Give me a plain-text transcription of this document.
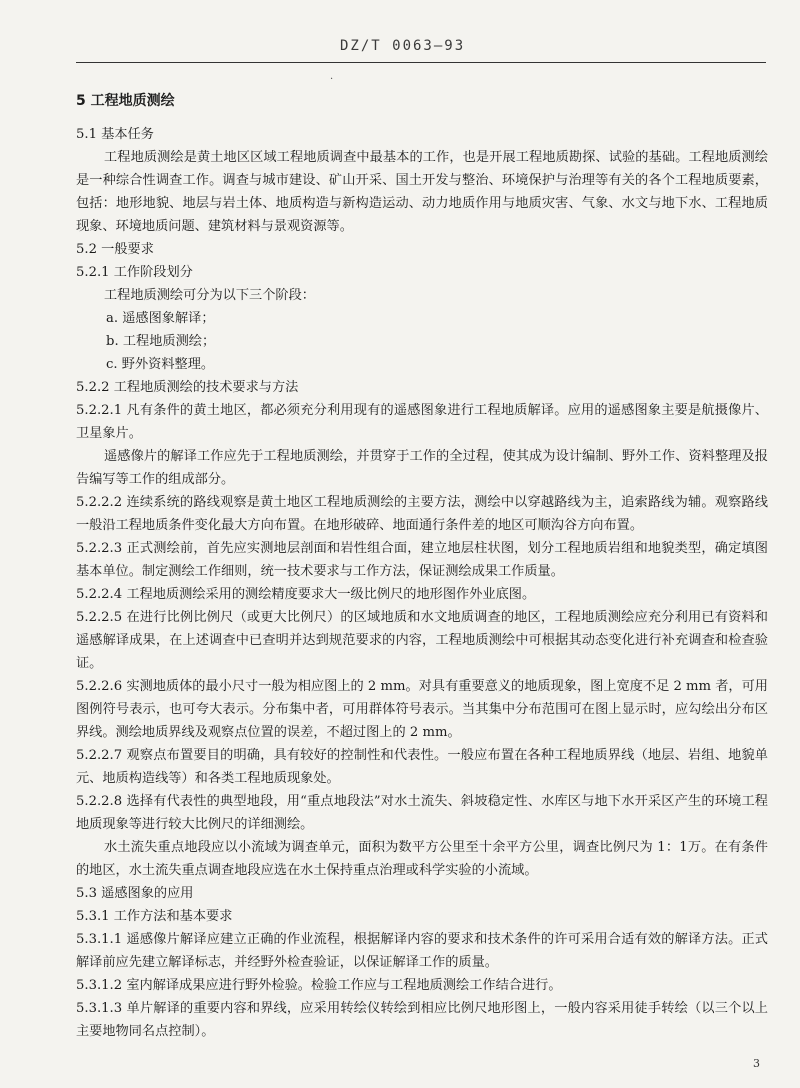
DZ/T 0063—93
·

5 工程地质测绘

5.1 基本任务

工程地质测绘是黄土地区区域工程地质调查中最基本的工作，也是开展工程地质勘探、试验的基础。工程地质测绘是一种综合性调查工作。调查与城市建设、矿山开采、国土开发与整治、环境保护与治理等有关的各个工程地质要素，包括：地形地貌、地层与岩土体、地质构造与新构造运动、动力地质作用与地质灾害、气象、水文与地下水、工程地质现象、环境地质问题、建筑材料与景观资源等。

5.2 一般要求

5.2.1 工作阶段划分

工程地质测绘可分为以下三个阶段：

a. 遥感图象解译；

b. 工程地质测绘；

c. 野外资料整理。

5.2.2 工程地质测绘的技术要求与方法

5.2.2.1 凡有条件的黄土地区，都必须充分利用现有的遥感图象进行工程地质解译。应用的遥感图象主要是航摄像片、卫星象片。

遥感像片的解译工作应先于工程地质测绘，并贯穿于工作的全过程，使其成为设计编制、野外工作、资料整理及报告编写等工作的组成部分。

5.2.2.2 连续系统的路线观察是黄土地区工程地质测绘的主要方法，测绘中以穿越路线为主，追索路线为辅。观察路线一般沿工程地质条件变化最大方向布置。在地形破碎、地面通行条件差的地区可顺沟谷方向布置。

5.2.2.3 正式测绘前，首先应实测地层剖面和岩性组合面，建立地层柱状图，划分工程地质岩组和地貌类型，确定填图基本单位。制定测绘工作细则，统一技术要求与工作方法，保证测绘成果工作质量。

5.2.2.4 工程地质测绘采用的测绘精度要求大一级比例尺的地形图作外业底图。

5.2.2.5 在进行比例比例尺（或更大比例尺）的区域地质和水文地质调查的地区，工程地质测绘应充分利用已有资料和遥感解译成果，在上述调查中已查明并达到规范要求的内容，工程地质测绘中可根据其动态变化进行补充调查和检查验证。

5.2.2.6 实测地质体的最小尺寸一般为相应图上的 2 mm。对具有重要意义的地质现象，图上宽度不足 2 mm 者，可用图例符号表示，也可夸大表示。分布集中者，可用群体符号表示。当其集中分布范围可在图上显示时，应勾绘出分布区界线。测绘地质界线及观察点位置的误差，不超过图上的 2 mm。

5.2.2.7 观察点布置要目的明确，具有较好的控制性和代表性。一般应布置在各种工程地质界线（地层、岩组、地貌单元、地质构造线等）和各类工程地质现象处。

5.2.2.8 选择有代表性的典型地段，用“重点地段法”对水土流失、斜坡稳定性、水库区与地下水开采区产生的环境工程地质现象等进行较大比例尺的详细测绘。

水土流失重点地段应以小流域为调查单元，面积为数平方公里至十余平方公里，调查比例尺为 1：1万。在有条件的地区，水土流失重点调查地段应选在水土保持重点治理或科学实验的小流域。

5.3 遥感图象的应用

5.3.1 工作方法和基本要求

5.3.1.1 遥感像片解译应建立正确的作业流程，根据解译内容的要求和技术条件的许可采用合适有效的解译方法。正式解译前应先建立解译标志，并经野外检查验证，以保证解译工作的质量。

5.3.1.2 室内解译成果应进行野外检验。检验工作应与工程地质测绘工作结合进行。

5.3.1.3 单片解译的重要内容和界线，应采用转绘仪转绘到相应比例尺地形图上，一般内容采用徒手转绘（以三个以上主要地物同名点控制）。

3
